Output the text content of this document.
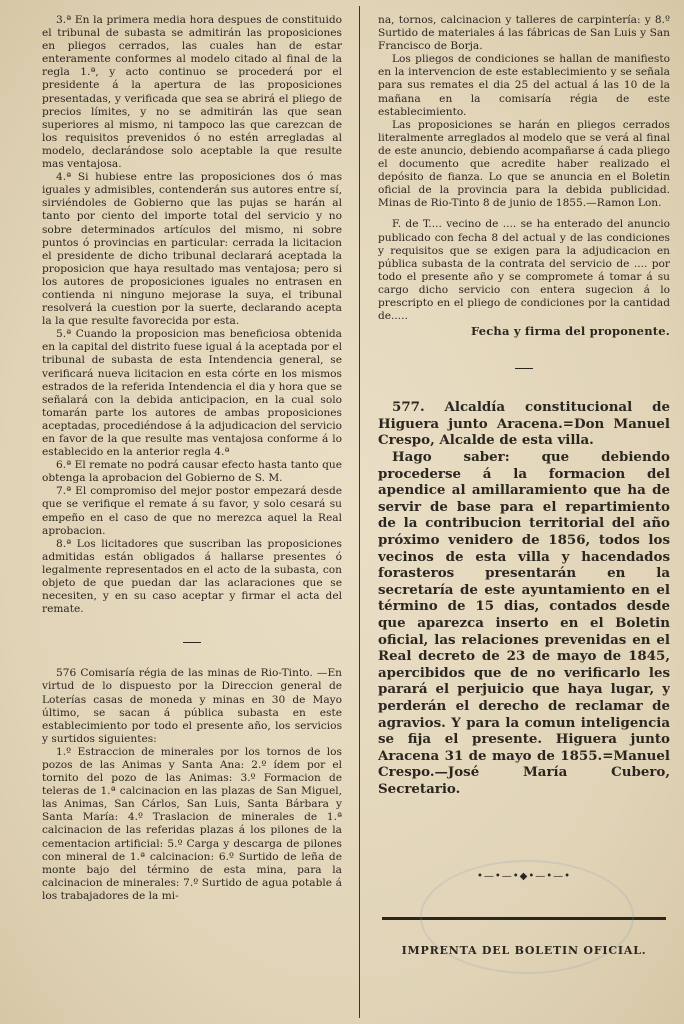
3.ª En la primera media hora despues de constituido el tribunal de subasta se admitirán las proposiciones en pliegos cerrados, las cuales han de estar enteramente conformes al modelo citado al final de la regla 1.ª, y acto continuo se procederá por el presidente á la apertura de las proposiciones presentadas, y verificada que sea se abrirá el pliego de precios límites, y no se admitirán las que sean superiores al mismo, ni tampoco las que carezcan de los requisitos prevenidos ó no estén arregladas al modelo, declarándose solo aceptable la que resulte mas ventajosa.

4.ª Si hubiese entre las proposiciones dos ó mas iguales y admisibles, contenderán sus autores entre sí, sirviéndoles de Gobierno que las pujas se harán al tanto por ciento del importe total del servicio y no sobre determinados artículos del mismo, ni sobre puntos ó provincias en particular: cerrada la licitacion el presidente de dicho tribunal declarará aceptada la proposicion que haya resultado mas ventajosa; pero si los autores de proposiciones iguales no entrasen en contienda ni ninguno mejorase la suya, el tribunal resolverá la cuestion por la suerte, declarando acepta la la que resulte favorecida por esta.

5.ª Cuando la proposicion mas beneficiosa obtenida en la capital del distrito fuese igual á la aceptada por el tribunal de subasta de esta Intendencia general, se verificará nueva licitacion en esta córte en los mismos estrados de la referida Intendencia el dia y hora que se señalará con la debida anticipacion, en la cual solo tomarán parte los autores de ambas proposiciones aceptadas, procediéndose á la adjudicacion del servicio en favor de la que resulte mas ventajosa conforme á lo establecido en la anterior regla 4.ª

6.ª El remate no podrá causar efecto hasta tanto que obtenga la aprobacion del Gobierno de S. M.

7.ª El compromiso del mejor postor empezará desde que se verifique el remate á su favor, y solo cesará su empeño en el caso de que no merezca aquel la Real aprobacion.

8.ª Los licitadores que suscriban las proposiciones admitidas están obligados á hallarse presentes ó legalmente representados en el acto de la subasta, con objeto de que puedan dar las aclaraciones que se necesiten, y en su caso aceptar y firmar el acta del remate.

576 Comisaría régia de las minas de Rio-Tinto. —En virtud de lo dispuesto por la Direccion general de Loterías casas de moneda y minas en 30 de Mayo último, se sacan á pública subasta en este establecimiento por todo el presente año, los servicios y surtidos siguientes:

1.º Estraccion de minerales por los tornos de los pozos de las Animas y Santa Ana: 2.º ídem por el tornito del pozo de las Animas: 3.º Formacion de teleras de 1.ª calcinacion en las plazas de San Miguel, las Animas, San Cárlos, San Luis, Santa Bárbara y Santa María: 4.º Traslacion de minerales de 1.ª calcinacion de las referidas plazas á los pilones de la cementacion artificial: 5.º Carga y descarga de pilones con mineral de 1.ª calcinacion: 6.º Surtido de leña de monte bajo del término de esta mina, para la calcinacion de minerales: 7.º Surtido de agua potable á los trabajadores de la mi-

na, tornos, calcinacion y talleres de carpintería: y 8.º Surtido de materiales á las fábricas de San Luis y San Francisco de Borja.

Los pliegos de condiciones se hallan de manifiesto en la intervencion de este establecimiento y se señala para sus remates el dia 25 del actual á las 10 de la mañana en la comisaría régia de este establecimiento.

Las proposiciones se harán en pliegos cerrados literalmente arreglados al modelo que se verá al final de este anuncio, debiendo acompañarse á cada pliego el documento que acredite haber realizado el depósito de fianza. Lo que se anuncia en el Boletin oficial de la provincia para la debida publicidad. Minas de Rio-Tinto 8 de junio de 1855.—Ramon Lon.

F. de T.... vecino de .... se ha enterado del anuncio publicado con fecha 8 del actual y de las condiciones y requisitos que se exigen para la adjudicacion en pública subasta de la contrata del servicio de .... por todo el presente año y se compromete á tomar á su cargo dicho servicio con entera sugecion á lo prescripto en el pliego de condiciones por la cantidad de.....

Fecha y firma del proponente.

577. Alcaldía constitucional de Higuera junto Aracena.=Don Manuel Crespo, Alcalde de esta villa.

Hago saber: que debiendo procederse á la formacion del apendice al amillaramiento que ha de servir de base para el repartimiento de la contribucion territorial del año próximo venidero de 1856, todos los vecinos de esta villa y hacendados forasteros presentarán en la secretaría de este ayuntamiento en el término de 15 dias, contados desde que aparezca inserto en el Boletin oficial, las relaciones prevenidas en el Real decreto de 23 de mayo de 1845, apercibidos que de no verificarlo les parará el perjuicio que haya lugar, y perderán el derecho de reclamar de agravios. Y para la comun inteligencia se fija el presente. Higuera junto Aracena 31 de mayo de 1855.=Manuel Crespo.—José María Cubero, Secretario.

•—•—•◆•—•—•

IMPRENTA DEL BOLETIN OFICIAL.
